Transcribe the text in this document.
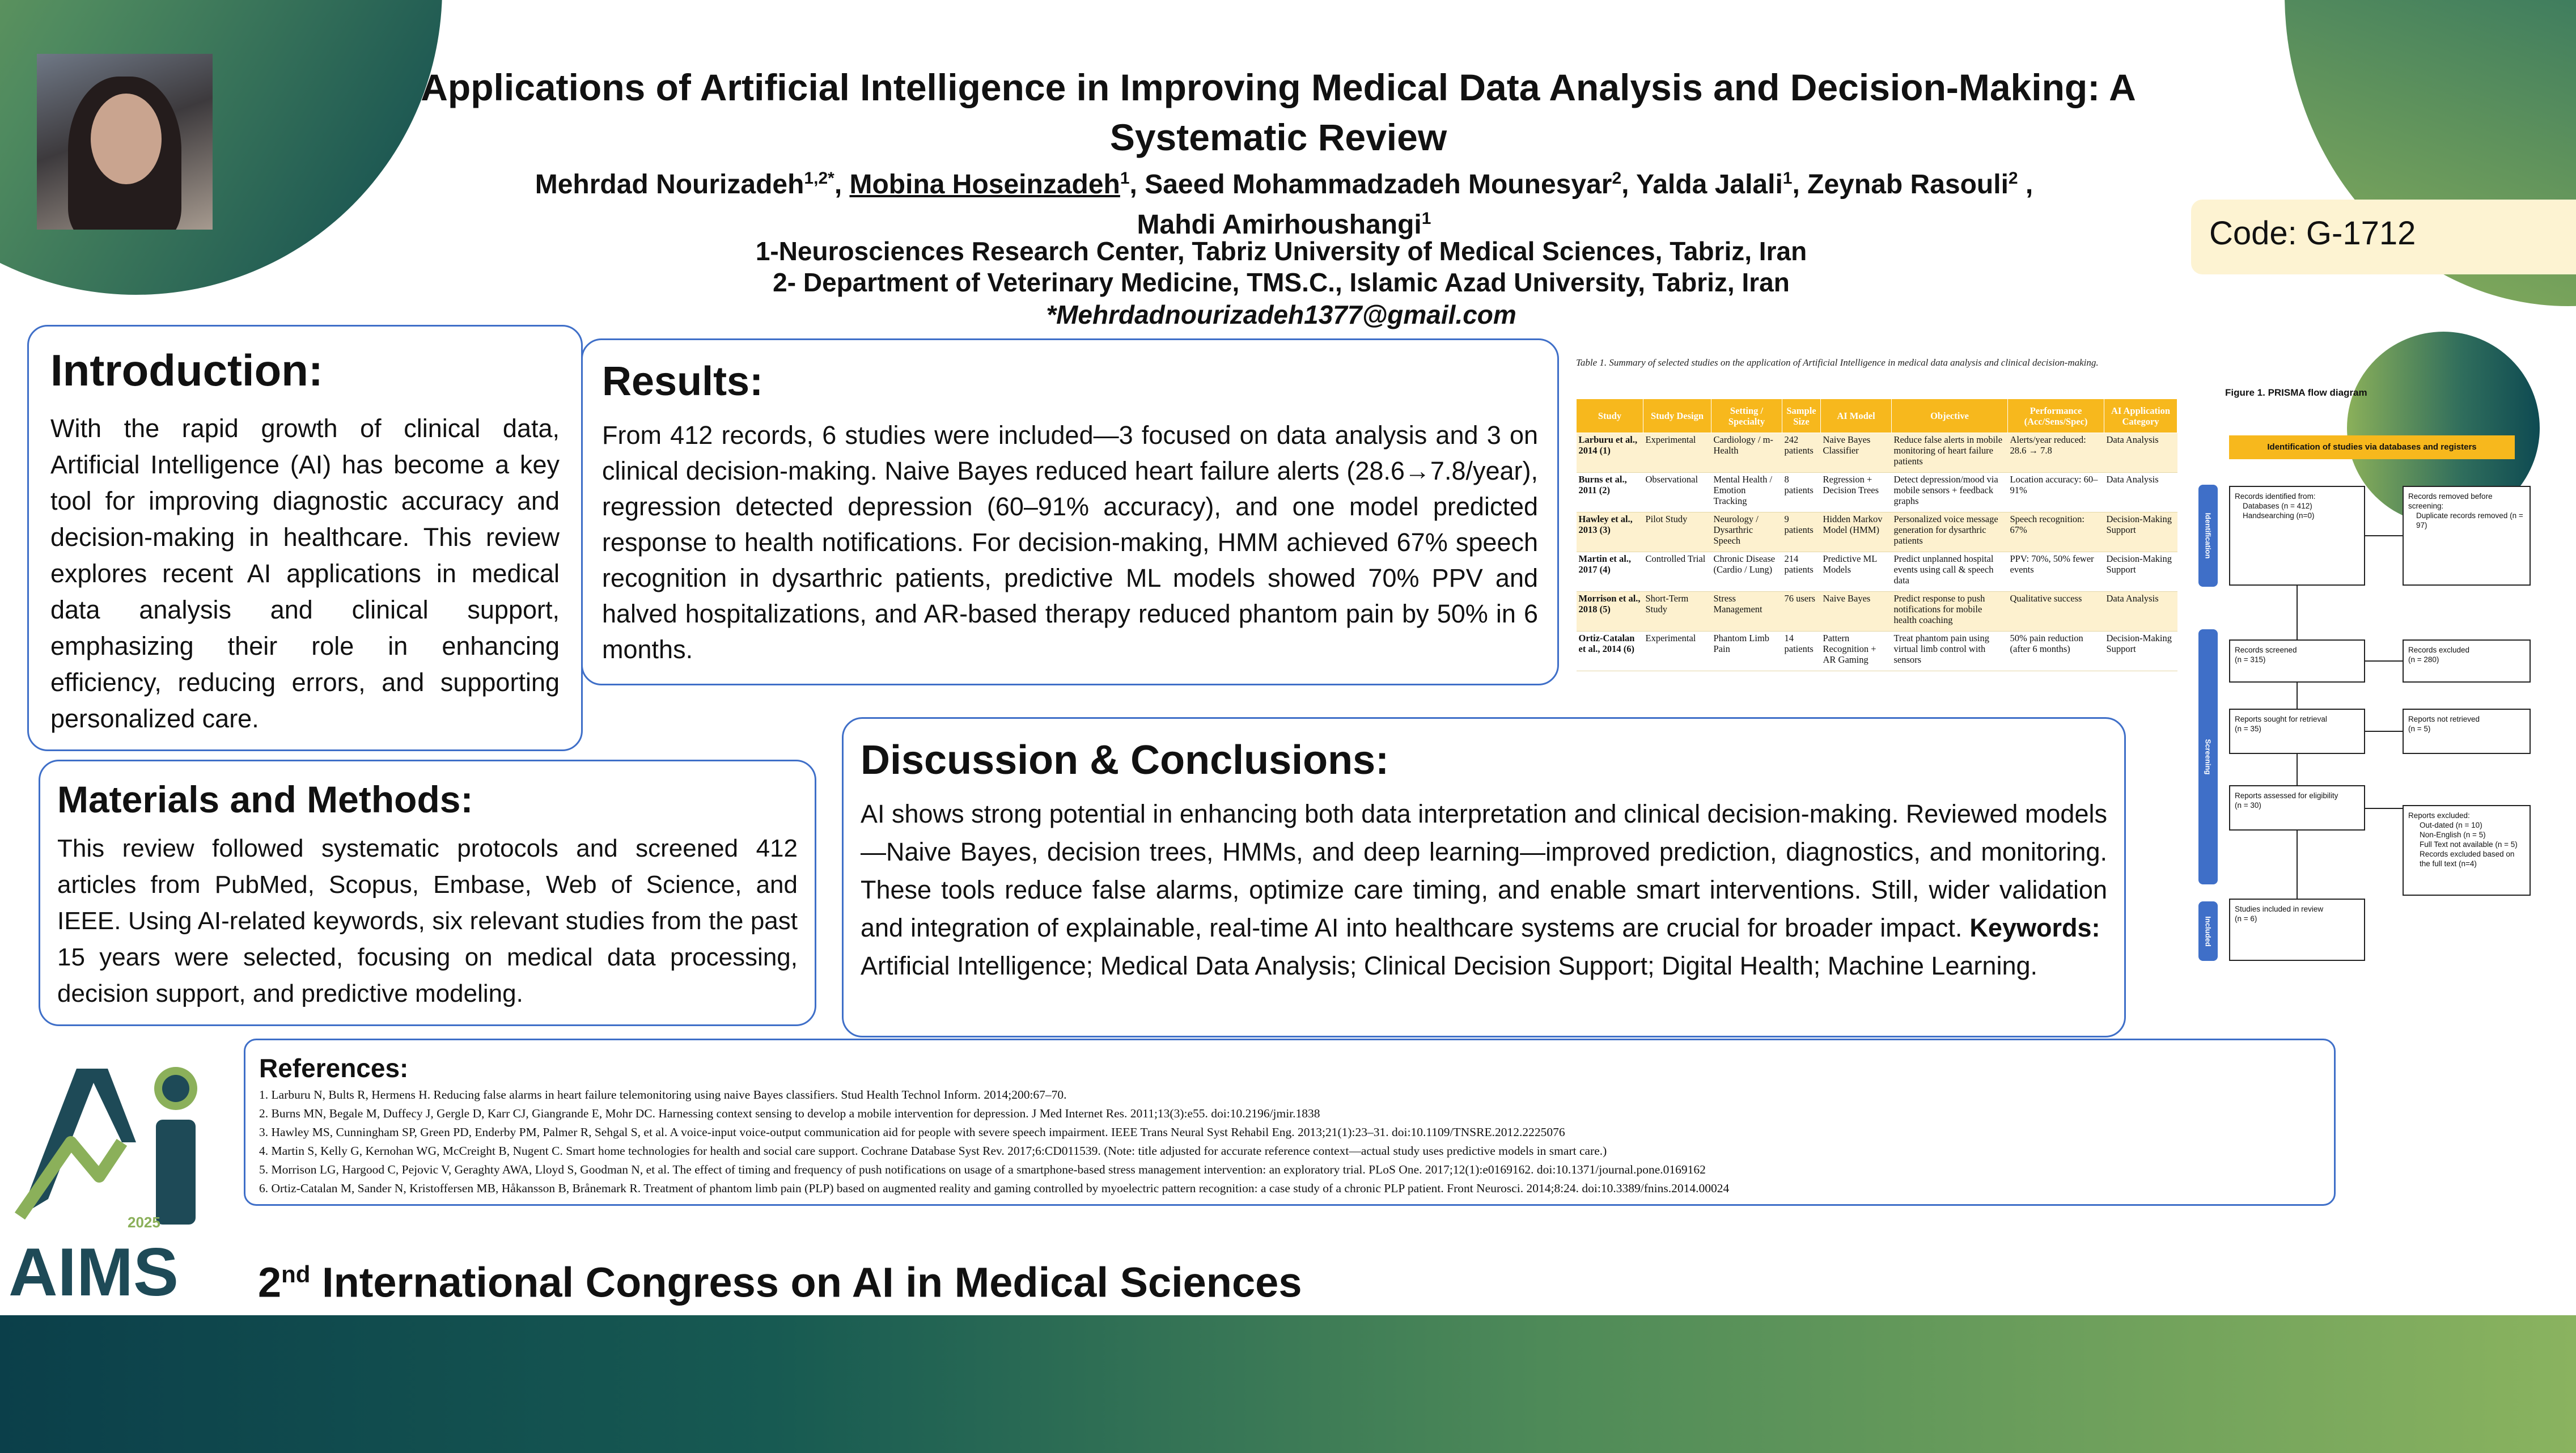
Applications of Artificial Intelligence in Improving Medical Data Analysis and Decision-Making: A Systematic Review
Mehrdad Nourizadeh$^{1,2*}$, Mobina Hoseinzadeh$^1$, Saeed Mohammadzadeh Mounesyar$^2$, Yalda Jalali$^1$, Zeynab Rasouli$^2$ ,
Mahdi Amirhoushangi$^1$
1-Neurosciences Research Center, Tabriz University of Medical Sciences, Tabriz, Iran
2- Department of Veterinary Medicine, TMS.C., Islamic Azad University, Tabriz, Iran
*Mehrdadnourizadeh1377@gmail.com
Code: G-1712
Introduction:

With the rapid growth of clinical data, Artificial Intelligence (AI) has become a key tool for improving diagnostic accuracy and decision-making in healthcare. This review explores recent AI applications in medical data analysis and clinical support, emphasizing their role in enhancing efficiency, reducing errors, and supporting personalized care.

Results:

From 412 records, 6 studies were included—3 focused on data analysis and 3 on clinical decision-making. Naive Bayes reduced heart failure alerts (28.6→7.8/year), regression detected depression (60–91% accuracy), and one model predicted response to health notifications. For decision-making, HMM achieved 67% speech recognition in dysarthric patients, predictive ML models showed 70% PPV and halved hospitalizations, and AR-based therapy reduced phantom pain by 50% in 6 months.

Materials and Methods:

This review followed systematic protocols and screened 412 articles from PubMed, Scopus, Embase, Web of Science, and IEEE. Using AI-related keywords, six relevant studies from the past 15 years were selected, focusing on medical data processing, decision support, and predictive modeling.

Discussion & Conclusions:

AI shows strong potential in enhancing both data interpretation and clinical decision-making. Reviewed models—Naive Bayes, decision trees, HMMs, and deep learning—improved prediction, diagnostics, and monitoring. These tools reduce false alarms, optimize care timing, and enable smart interventions. Still, wider validation and integration of explainable, real-time AI into healthcare systems are crucial for broader impact. Keywords:  Artificial Intelligence; Medical Data Analysis; Clinical Decision Support; Digital Health; Machine Learning.

Table 1. Summary of selected studies on the application of Artificial Intelligence in medical data analysis and clinical decision-making.
Study	Study Design	Setting / Specialty	Sample Size	AI Model	Objective	Performance (Acc/Sens/Spec)	AI Application Category
Larburu et al., 2014 (1)	Experimental	Cardiology / m-Health	242 patients	Naive Bayes Classifier	Reduce false alerts in mobile monitoring of heart failure patients	Alerts/year reduced: 28.6 → 7.8	Data Analysis
Burns et al., 2011 (2)	Observational	Mental Health / Emotion Tracking	8 patients	Regression + Decision Trees	Detect depression/mood via mobile sensors + feedback graphs	Location accuracy: 60–91%	Data Analysis
Hawley et al., 2013 (3)	Pilot Study	Neurology / Dysarthric Speech	9 patients	Hidden Markov Model (HMM)	Personalized voice message generation for dysarthric patients	Speech recognition: 67%	Decision-Making Support
Martin et al., 2017 (4)	Controlled Trial	Chronic Disease (Cardio / Lung)	214 patients	Predictive ML Models	Predict unplanned hospital events using call & speech data	PPV: 70%, 50% fewer events	Decision-Making Support
Morrison et al., 2018 (5)	Short-Term Study	Stress Management	76 users	Naive Bayes	Predict response to push notifications for mobile health coaching	Qualitative success	Data Analysis
Ortiz-Catalan et al., 2014 (6)	Experimental	Phantom Limb Pain	14 patients	Pattern Recognition + AR Gaming	Treat phantom pain using virtual limb control with sensors	50% pain reduction (after 6 months)	Decision-Making Support
Figure 1. PRISMA flow diagram
Identification of studies via databases and registers
Identification
Screening
Included
Records identified from:
Databases (n = 412)
Handsearching (n=0)
Records removed before screening:
Duplicate records removed (n = 97)
Records screened
(n = 315)
Records excluded
(n = 280)
Reports sought for retrieval
(n = 35)
Reports not retrieved
(n = 5)
Reports assessed for eligibility
(n = 30)
Reports excluded:
Out-dated (n = 10)
Non-English (n = 5)
Full Text not available (n = 5)
Records excluded based on the full text (n=4)
Studies included in review
(n = 6)
References:
1. Larburu N, Bults R, Hermens H. Reducing false alarms in heart failure telemonitoring using naive Bayes classifiers. Stud Health Technol Inform. 2014;200:67–70.
2. Burns MN, Begale M, Duffecy J, Gergle D, Karr CJ, Giangrande E, Mohr DC. Harnessing context sensing to develop a mobile intervention for depression. J Med Internet Res. 2011;13(3):e55. doi:10.2196/jmir.1838
3. Hawley MS, Cunningham SP, Green PD, Enderby PM, Palmer R, Sehgal S, et al. A voice-input voice-output communication aid for people with severe speech impairment. IEEE Trans Neural Syst Rehabil Eng. 2013;21(1):23–31. doi:10.1109/TNSRE.2012.2225076
4. Martin S, Kelly G, Kernohan WG, McCreight B, Nugent C. Smart home technologies for health and social care support. Cochrane Database Syst Rev. 2017;6:CD011539. (Note: title adjusted for accurate reference context—actual study uses predictive models in smart care.)
5. Morrison LG, Hargood C, Pejovic V, Geraghty AWA, Lloyd S, Goodman N, et al. The effect of timing and frequency of push notifications on usage of a smartphone-based stress management intervention: an exploratory trial. PLoS One. 2017;12(1):e0169162. doi:10.1371/journal.pone.0169162
6. Ortiz-Catalan M, Sander N, Kristoffersen MB, Håkansson B, Brånemark R. Treatment of phantom limb pain (PLP) based on augmented reality and gaming controlled by myoelectric pattern recognition: a case study of a chronic PLP patient. Front Neurosci. 2014;8:24. doi:10.3389/fnins.2014.00024
2025
AIMS 2nd International Congress on AI in Medical Sciences
